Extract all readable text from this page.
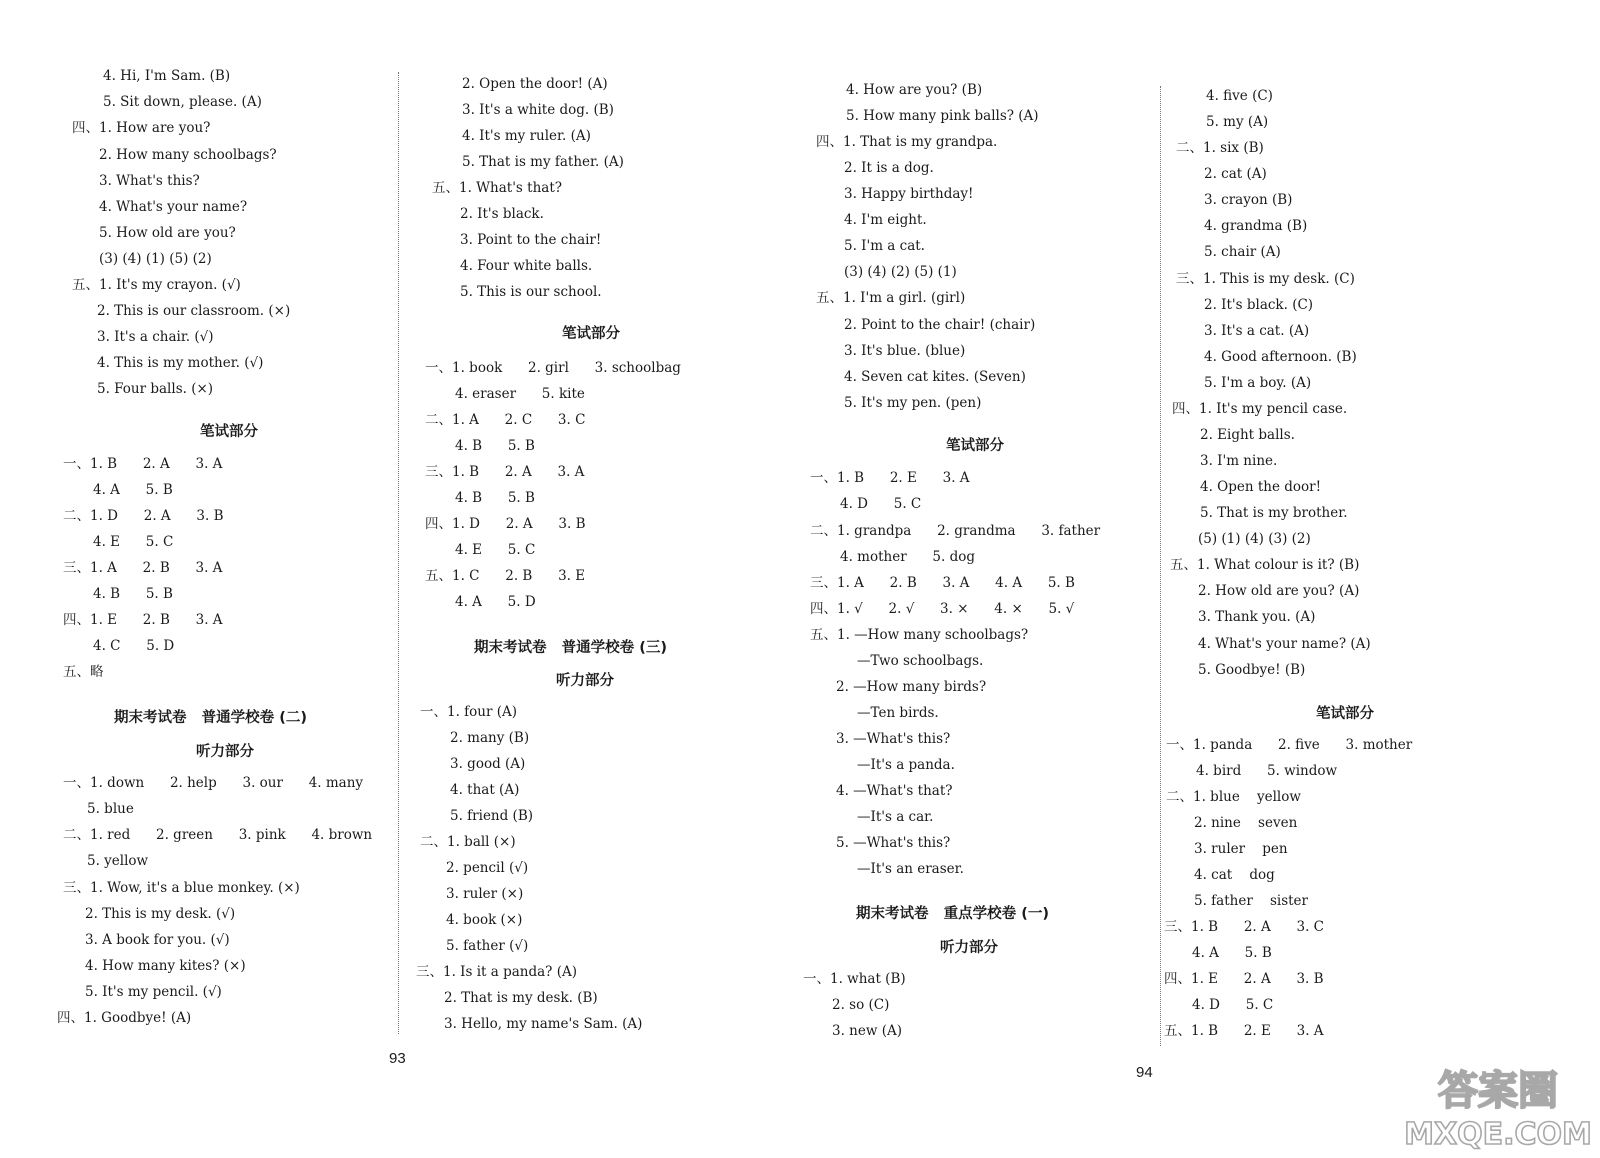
4. Hi, I'm Sam. (B)
5. Sit down, please. (A)
四、1. How are you?
2. How many schoolbags?
3. What's this?
4. What's your name?
5. How old are you?
(3) (4) (1) (5) (2)
五、1. It's my crayon. (√)
2. This is our classroom. (×)
3. It's a chair. (√)
4. This is my mother. (√)
5. Four balls. (×)
一、1. B      2. A      3. A
4. A      5. B
二、1. D      2. A      3. B
4. E      5. C
三、1. A      2. B      3. A
4. B      5. B
四、1. E      2. B      3. A
4. C      5. D
五、略
一、1. down      2. help      3. our      4. many
5. blue
二、1. red      2. green      3. pink      4. brown
5. yellow
三、1. Wow, it's a blue monkey. (×)
2. This is my desk. (√)
3. A book for you. (√)
4. How many kites? (×)
5. It's my pencil. (√)
四、1. Goodbye! (A)
笔试部分
期末考试卷   普通学校卷 (二)
听力部分
2. Open the door! (A)
3. It's a white dog. (B)
4. It's my ruler. (A)
5. That is my father. (A)
五、1. What's that?
2. It's black.
3. Point to the chair!
4. Four white balls.
5. This is our school.
一、1. book      2. girl      3. schoolbag
4. eraser      5. kite
二、1. A      2. C      3. C
4. B      5. B
三、1. B      2. A      3. A
4. B      5. B
四、1. D      2. A      3. B
4. E      5. C
五、1. C      2. B      3. E
4. A      5. D
一、1. four (A)
2. many (B)
3. good (A)
4. that (A)
5. friend (B)
二、1. ball (×)
2. pencil (√)
3. ruler (×)
4. book (×)
5. father (√)
三、1. Is it a panda? (A)
2. That is my desk. (B)
3. Hello, my name's Sam. (A)
笔试部分
期末考试卷   普通学校卷 (三)
听力部分
4. How are you? (B)
5. How many pink balls? (A)
四、1. That is my grandpa.
2. It is a dog.
3. Happy birthday!
4. I'm eight.
5. I'm a cat.
(3) (4) (2) (5) (1)
五、1. I'm a girl. (girl)
2. Point to the chair! (chair)
3. It's blue. (blue)
4. Seven cat kites. (Seven)
5. It's my pen. (pen)
一、1. B      2. E      3. A
4. D      5. C
二、1. grandpa      2. grandma      3. father
4. mother      5. dog
三、1. A      2. B      3. A      4. A      5. B
四、1. √      2. √      3. ×      4. ×      5. √
五、1. —How many schoolbags?
—Two schoolbags.
2. —How many birds?
—Ten birds.
3. —What's this?
—It's a panda.
4. —What's that?
—It's a car.
5. —What's this?
—It's an eraser.
一、1. what (B)
2. so (C)
3. new (A)
笔试部分
期末考试卷   重点学校卷 (一)
听力部分
4. five (C)
5. my (A)
二、1. six (B)
2. cat (A)
3. crayon (B)
4. grandma (B)
5. chair (A)
三、1. This is my desk. (C)
2. It's black. (C)
3. It's a cat. (A)
4. Good afternoon. (B)
5. I'm a boy. (A)
四、1. It's my pencil case.
2. Eight balls.
3. I'm nine.
4. Open the door!
5. That is my brother.
(5) (1) (4) (3) (2)
五、1. What colour is it? (B)
2. How old are you? (A)
3. Thank you. (A)
4. What's your name? (A)
5. Goodbye! (B)
一、1. panda      2. five      3. mother
4. bird      5. window
二、1. blue    yellow
2. nine    seven
3. ruler    pen
4. cat    dog
5. father    sister
三、1. B      2. A      3. C
4. A      5. B
四、1. E      2. A      3. B
4. D      5. C
五、1. B      2. E      3. A
笔试部分
93
94	答案圈
MXQE.COM
